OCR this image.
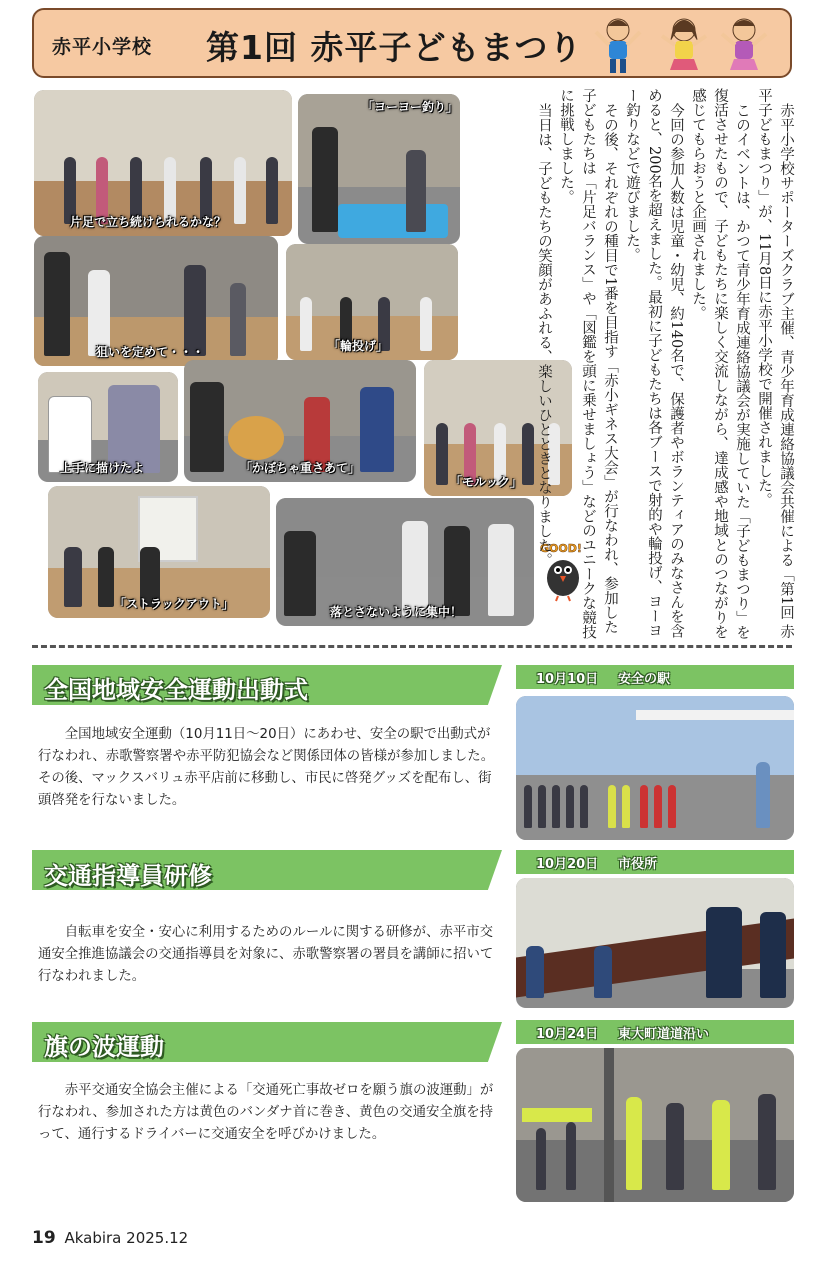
赤平小学校 第1回 赤平子どもまつり
片足で立ち続けられるかな？
「ヨーヨー釣り」
狙いを定めて・・・	「輪投げ」
上手に描けたよ	「かぼちゃ重さあて」
「モルック」
「ストラックアウト」
落とさないように集中！
GOOD!	赤平小学校サポーターズクラブ主催、青少年育成連絡協議会共催による「第1回 赤平子どもまつり」が、11月8日に赤平小学校で開催されました。

このイベントは、かつて青少年育成連絡協議会が実施していた「子どもまつり」を復活させたもので、子どもたちに楽しく交流しながら、達成感や地域とのつながりを感じてもらおうと企画されました。

今回の参加人数は児童・幼児、約140名で、保護者やボランティアのみなさんを含めると、200名を超えました。最初に子どもたちは各ブースで射的や輪投げ、ヨーヨー釣りなどで遊びました。

その後、それぞれの種目で1番を目指す「赤小ギネス大会」が行なわれ、参加した子どもたちは「片足バランス」や「図鑑を頭に乗せましょう」などのユニークな競技に挑戦しました。

当日は、子どもたちの笑顔があふれる、楽しいひとときとなりました。

全国地域安全運動出動式	10月10日 安全の駅

全国地域安全運動（10月11日～20日）にあわせ、安全の駅で出動式が行なわれ、赤歌警察署や赤平防犯協会など関係団体の皆様が参加しました。その後、マックスバリュ赤平店前に移動し、市民に啓発グッズを配布し、街頭啓発を行ないました。

交通指導員研修	10月20日 市役所

自転車を安全・安心に利用するためのルールに関する研修が、赤平市交通安全推進協議会の交通指導員を対象に、赤歌警察署の署員を講師に招いて行なわれました。

旗の波運動	10月24日 東大町道道沿い

赤平交通安全協会主催による「交通死亡事故ゼロを願う旗の波運動」が行なわれ、参加された方は黄色のバンダナ首に巻き、黄色の交通安全旗を持って、通行するドライバーに交通安全を呼びかけました。

19 Akabira 2025.12
